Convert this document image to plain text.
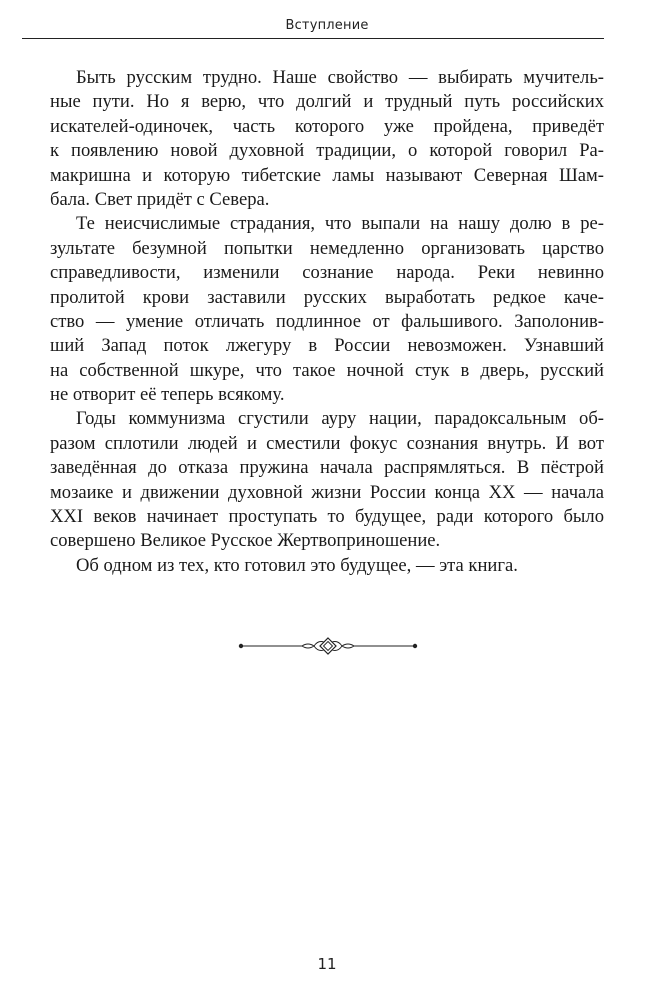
Вступление
Быть русским трудно. Наше свойство — выбирать мучитель-
ные пути. Но я верю, что долгий и трудный путь российских
искателей-одиночек, часть которого уже пройдена, приведёт
к появлению новой духовной традиции, о которой говорил Ра-
макришна и которую тибетские ламы называют Северная Шам-
бала. Свет придёт с Севера.
Те неисчислимые страдания, что выпали на нашу долю в ре-
зультате безумной попытки немедленно организовать царство
справедливости, изменили сознание народа. Реки невинно
пролитой крови заставили русских выработать редкое каче-
ство — умение отличать подлинное от фальшивого. Заполонив-
ший Запад поток лжегуру в России невозможен. Узнавший
на собственной шкуре, что такое ночной стук в дверь, русский
не отворит её теперь всякому.
Годы коммунизма сгустили ауру нации, парадоксальным об-
разом сплотили людей и сместили фокус сознания внутрь. И вот
заведённая до отказа пружина начала распрямляться. В пёстрой
мозаике и движении духовной жизни России конца XX — начала
XXI веков начинает проступать то будущее, ради которого было
совершено Великое Русское Жертвоприношение.
Об одном из тех, кто готовил это будущее, — эта книга.
11
